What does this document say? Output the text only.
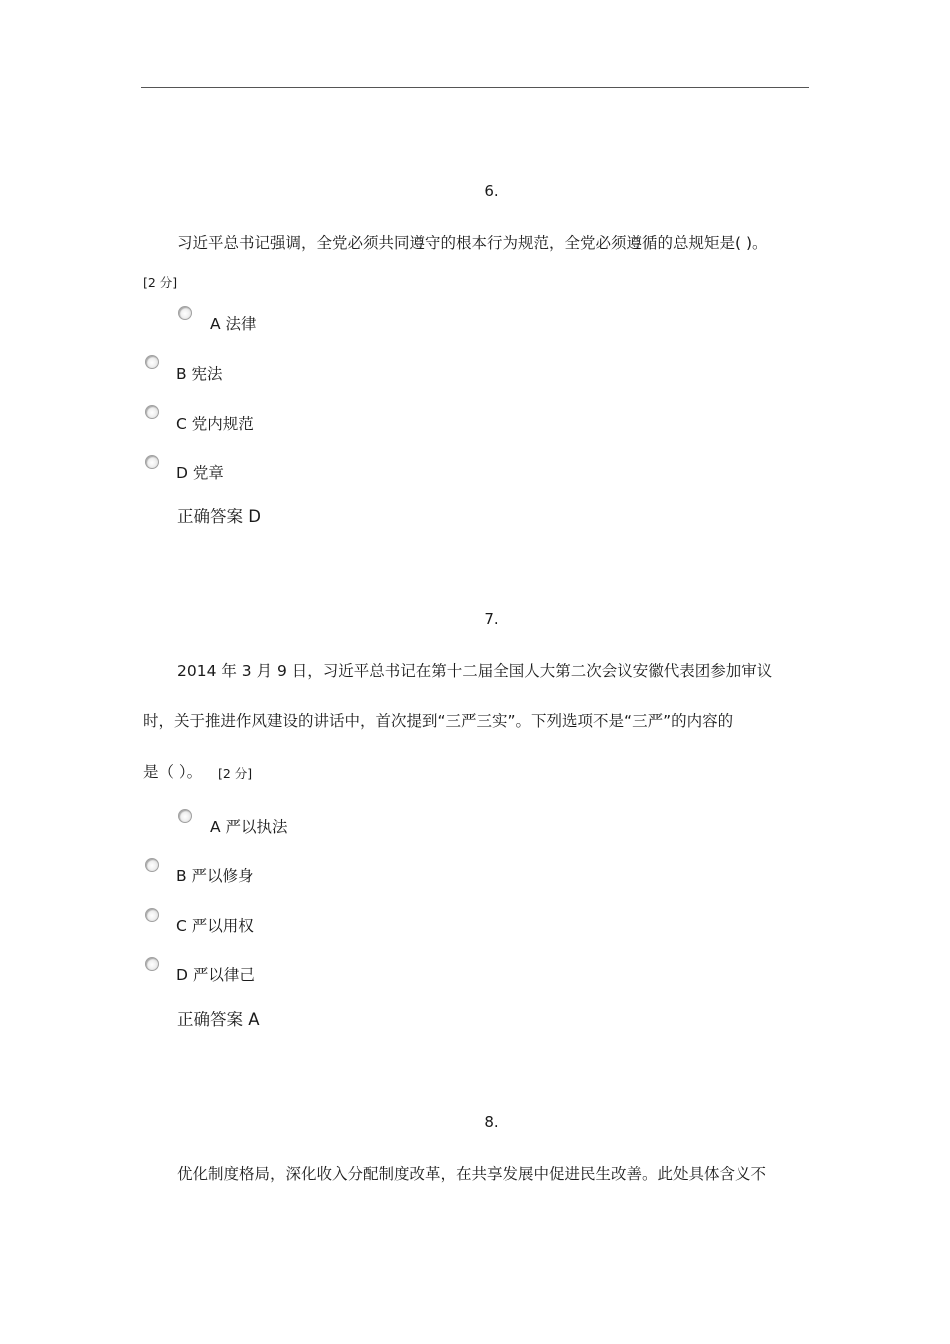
6.
习近平总书记强调，全党必须共同遵守的根本行为规范，全党必须遵循的总规矩是( )。
[2 分]
A 法律
B 宪法
C 党内规范
D 党章
正确答案 D
7.
2014 年 3 月 9 日，习近平总书记在第十二届全国人大第二次会议安徽代表团参加审议
时，关于推进作风建设的讲话中，首次提到“三严三实”。下列选项不是“三严”的内容的
是（ ）。 [2 分]
A 严以执法
B 严以修身
C 严以用权
D 严以律己
正确答案 A
8.
优化制度格局，深化收入分配制度改革，在共享发展中促进民生改善。此处具体含义不
